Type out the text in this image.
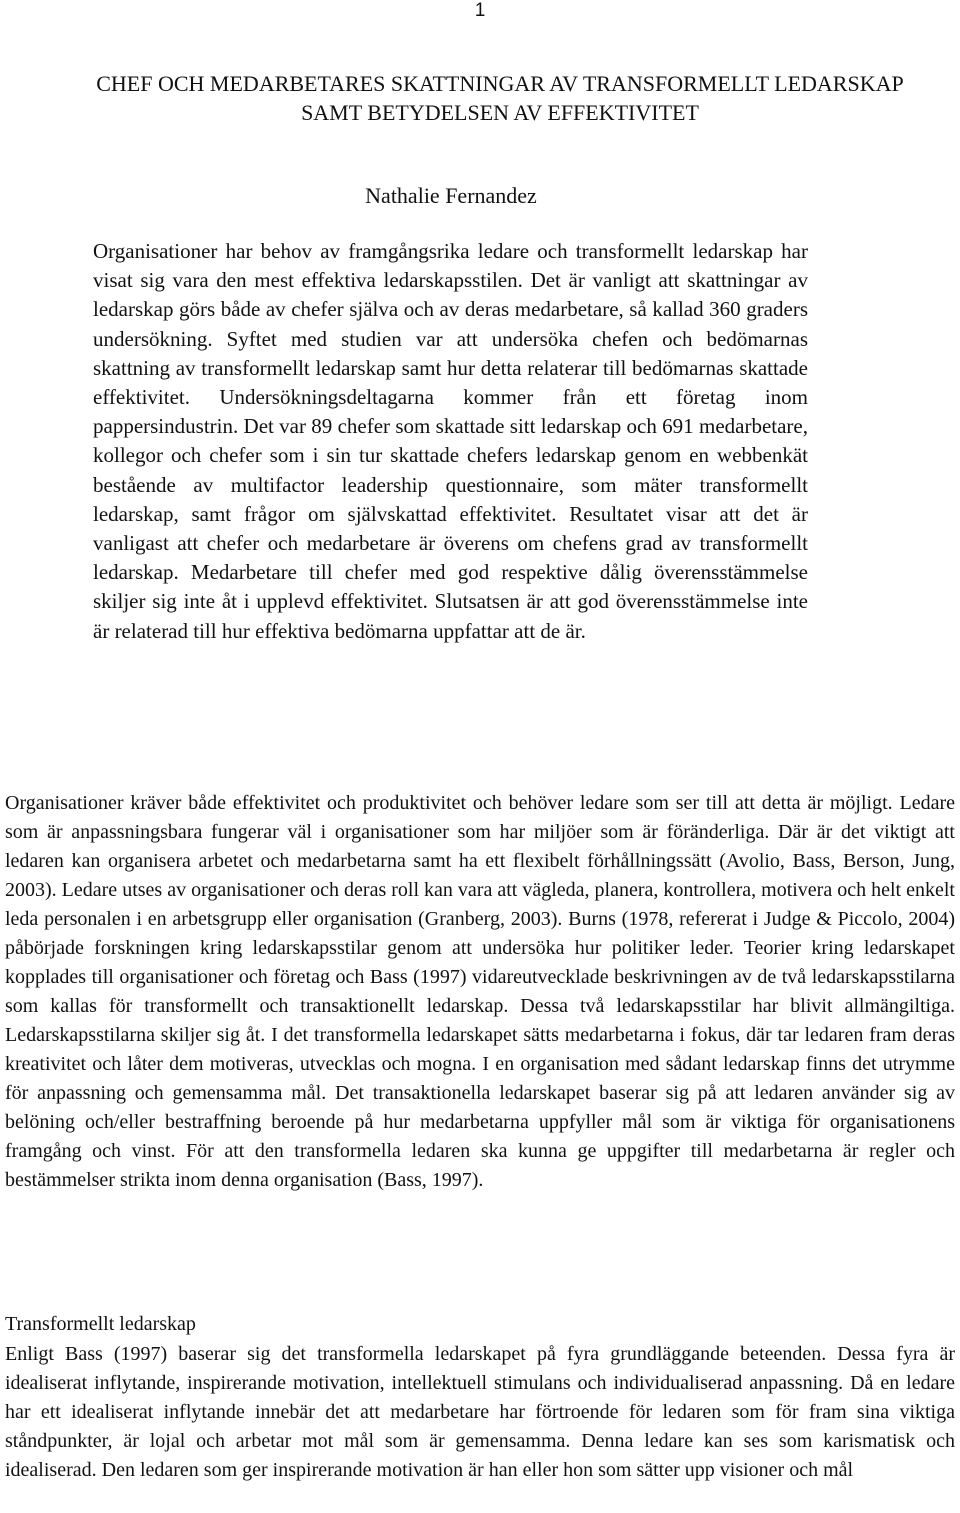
1
CHEF OCH MEDARBETARES SKATTNINGAR AV TRANSFORMELLT LEDARSKAP
SAMT BETYDELSEN AV EFFEKTIVITET
Nathalie Fernandez

Organisationer har behov av framgångsrika ledare och transformellt ledarskap har visat sig vara den mest effektiva ledarskapsstilen. Det är vanligt att skattningar av ledarskap görs både av chefer själva och av deras medarbetare, så kallad 360 graders undersökning. Syftet med studien var att undersöka chefen och bedömarnas skattning av transformellt ledarskap samt hur detta relaterar till bedömarnas skattade effektivitet. Undersökningsdeltagarna kommer från ett företag inom pappersindustrin. Det var 89 chefer som skattade sitt ledarskap och 691 medarbetare, kollegor och chefer som i sin tur skattade chefers ledarskap genom en webbenkät bestående av multifactor leadership questionnaire, som mäter transformellt ledarskap, samt frågor om självskattad effektivitet. Resultatet visar att det är vanligast att chefer och medarbetare är överens om chefens grad av transformellt ledarskap. Medarbetare till chefer med god respektive dålig överensstämmelse skiljer sig inte åt i upplevd effektivitet. Slutsatsen är att god överensstämmelse inte är relaterad till hur effektiva bedömarna uppfattar att de är.

Organisationer kräver både effektivitet och produktivitet och behöver ledare som ser till att detta är möjligt. Ledare som är anpassningsbara fungerar väl i organisationer som har miljöer som är föränderliga. Där är det viktigt att ledaren kan organisera arbetet och medarbetarna samt ha ett flexibelt förhållningssätt (Avolio, Bass, Berson, Jung, 2003). Ledare utses av organisationer och deras roll kan vara att vägleda, planera, kontrollera, motivera och helt enkelt leda personalen i en arbetsgrupp eller organisation (Granberg, 2003). Burns (1978, refererat i Judge & Piccolo, 2004) påbörjade forskningen kring ledarskapsstilar genom att undersöka hur politiker leder. Teorier kring ledarskapet kopplades till organisationer och företag och Bass (1997) vidareutvecklade beskrivningen av de två ledarskapsstilarna som kallas för transformellt och transaktionellt ledarskap. Dessa två ledarskapsstilar har blivit allmängiltiga. Ledarskapsstilarna skiljer sig åt. I det transformella ledarskapet sätts medarbetarna i fokus, där tar ledaren fram deras kreativitet och låter dem motiveras, utvecklas och mogna. I en organisation med sådant ledarskap finns det utrymme för anpassning och gemensamma mål. Det transaktionella ledarskapet baserar sig på att ledaren använder sig av belöning och/eller bestraffning beroende på hur medarbetarna uppfyller mål som är viktiga för organisationens framgång och vinst. För att den transformella ledaren ska kunna ge uppgifter till medarbetarna är regler och bestämmelser strikta inom denna organisation (Bass, 1997).

Transformellt ledarskap

Enligt Bass (1997) baserar sig det transformella ledarskapet på fyra grundläggande beteenden. Dessa fyra är idealiserat inflytande, inspirerande motivation, intellektuell stimulans och individualiserad anpassning. Då en ledare har ett idealiserat inflytande innebär det att medarbetare har förtroende för ledaren som för fram sina viktiga ståndpunkter, är lojal och arbetar mot mål som är gemensamma. Denna ledare kan ses som karismatisk och idealiserad. Den ledaren som ger inspirerande motivation är han eller hon som sätter upp visioner och mål
